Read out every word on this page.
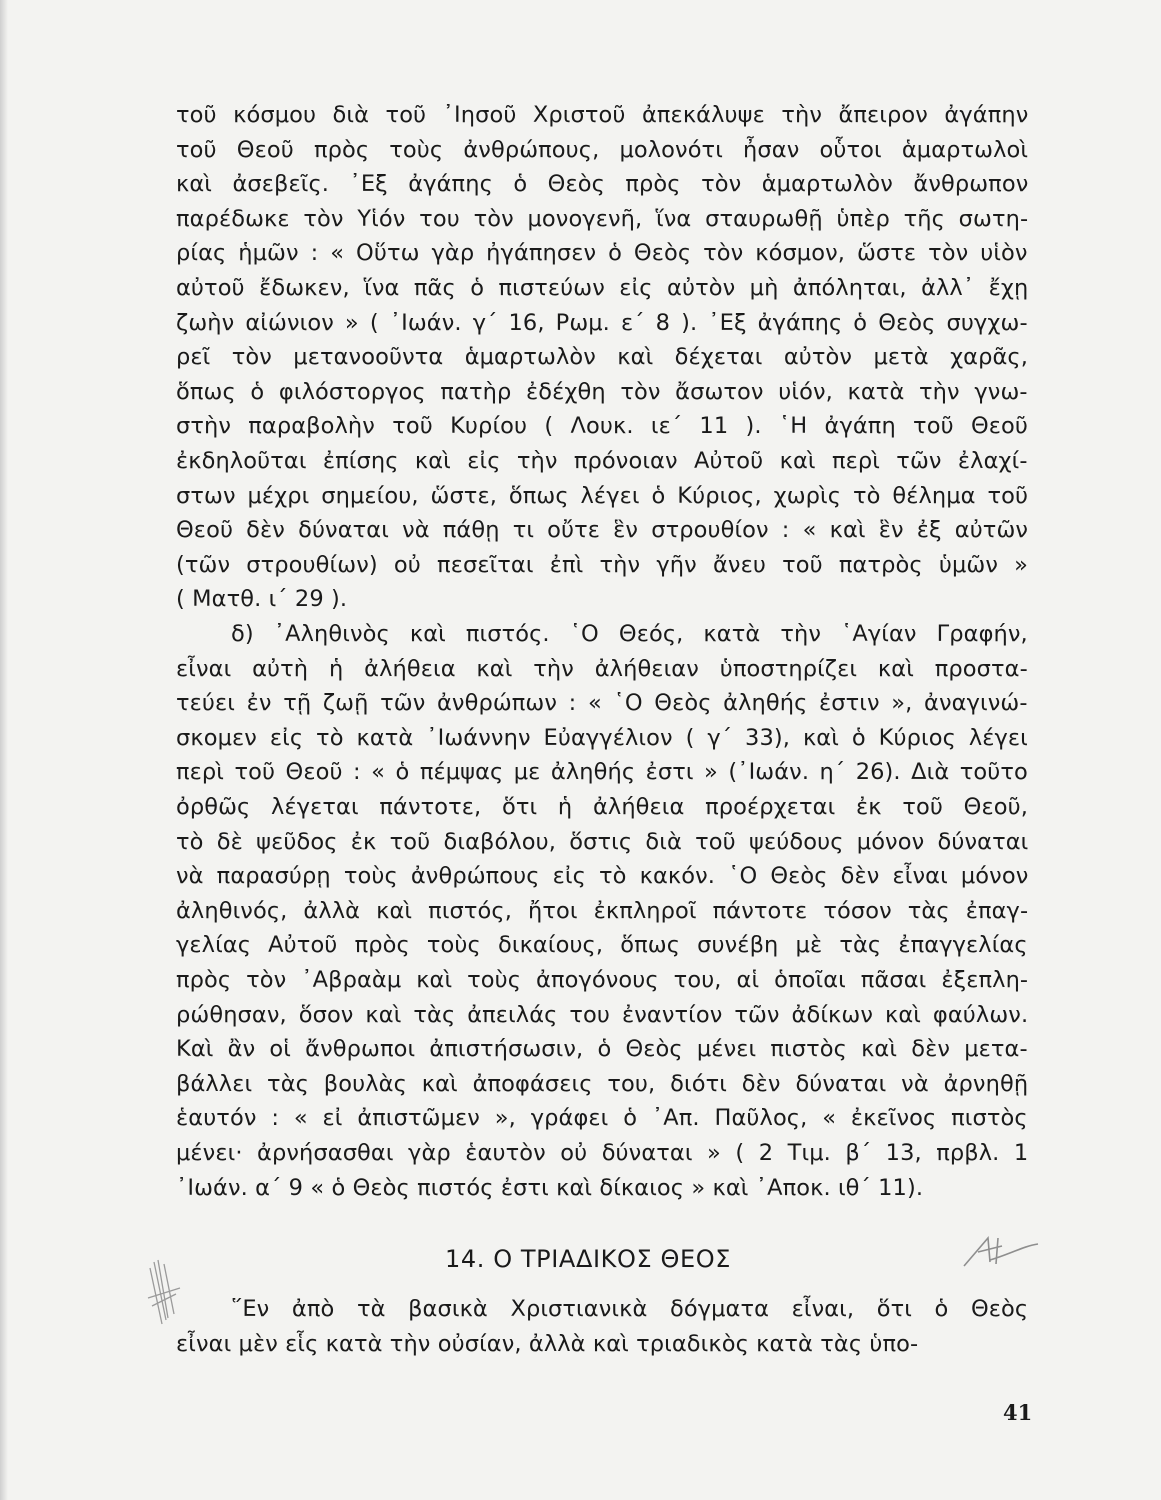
τοῦ κόσμου διὰ τοῦ ᾿Ιησοῦ Χριστοῦ ἀπεκάλυψε τὴν ἄπειρον ἀγάπην
τοῦ Θεοῦ πρὸς τοὺς ἀνθρώπους, μολονότι ἦσαν οὗτοι ἁμαρτωλοὶ
καὶ ἀσεβεῖς. ᾿Εξ ἀγάπης ὁ Θεὸς πρὸς τὸν ἁμαρτωλὸν ἄνθρωπον
παρέδωκε τὸν Υἱόν του τὸν μονογενῆ, ἵνα σταυρωθῇ ὑπὲρ τῆς σωτη-
ρίας ἡμῶν : « Οὕτω γὰρ ἠγάπησεν ὁ Θεὸς τὸν κόσμον, ὥστε τὸν υἱὸν
αὐτοῦ ἔδωκεν, ἵνα πᾶς ὁ πιστεύων εἰς αὐτὸν μὴ ἀπόληται, ἀλλ᾿ ἔχῃ
ζωὴν αἰώνιον » ( ᾿Ιωάν. γ΄ 16, Ρωμ. ε΄ 8 ). ᾿Εξ ἀγάπης ὁ Θεὸς συγχω-
ρεῖ τὸν μετανοοῦντα ἁμαρτωλὸν καὶ δέχεται αὐτὸν μετὰ χαρᾶς,
ὅπως ὁ φιλόστοργος πατὴρ ἐδέχθη τὸν ἄσωτον υἱόν, κατὰ τὴν γνω-
στὴν παραβολὴν τοῦ Κυρίου ( Λουκ. ιε΄ 11 ). ῾Η ἀγάπη τοῦ Θεοῦ
ἐκδηλοῦται ἐπίσης καὶ εἰς τὴν πρόνοιαν Αὐτοῦ καὶ περὶ τῶν ἐλαχί-
στων μέχρι σημείου, ὥστε, ὅπως λέγει ὁ Κύριος, χωρὶς τὸ θέλημα τοῦ
Θεοῦ δὲν δύναται νὰ πάθῃ τι οὔτε ἓν στρουθίον : « καὶ ἓν ἐξ αὐτῶν
(τῶν στρουθίων) οὐ πεσεῖται ἐπὶ τὴν γῆν ἄνευ τοῦ πατρὸς ὑμῶν »
( Ματθ. ι΄ 29 ).
δ) ᾿Αληθινὸς καὶ πιστός. ῾Ο Θεός, κατὰ τὴν ῾Αγίαν Γραφήν,
εἶναι αὐτὴ ἡ ἀλήθεια καὶ τὴν ἀλήθειαν ὑποστηρίζει καὶ προστα-
τεύει ἐν τῇ ζωῇ τῶν ἀνθρώπων : « ῾Ο Θεὸς ἀληθής ἐστιν », ἀναγινώ-
σκομεν εἰς τὸ κατὰ ᾿Ιωάννην Εὐαγγέλιον ( γ΄ 33), καὶ ὁ Κύριος λέγει
περὶ τοῦ Θεοῦ : « ὁ πέμψας με ἀληθής ἐστι » (᾿Ιωάν. η΄ 26). Διὰ τοῦτο
ὀρθῶς λέγεται πάντοτε, ὅτι ἡ ἀλήθεια προέρχεται ἐκ τοῦ Θεοῦ,
τὸ δὲ ψεῦδος ἐκ τοῦ διαβόλου, ὅστις διὰ τοῦ ψεύδους μόνον δύναται
νὰ παρασύρῃ τοὺς ἀνθρώπους εἰς τὸ κακόν. ῾Ο Θεὸς δὲν εἶναι μόνον
ἀληθινός, ἀλλὰ καὶ πιστός, ἤτοι ἐκπληροῖ πάντοτε τόσον τὰς ἐπαγ-
γελίας Αὐτοῦ πρὸς τοὺς δικαίους, ὅπως συνέβη μὲ τὰς ἐπαγγελίας
πρὸς τὸν ᾿Αβραὰμ καὶ τοὺς ἀπογόνους του, αἱ ὁποῖαι πᾶσαι ἐξεπλη-
ρώθησαν, ὅσον καὶ τὰς ἀπειλάς του ἐναντίον τῶν ἀδίκων καὶ φαύλων.
Καὶ ἂν οἱ ἄνθρωποι ἀπιστήσωσιν, ὁ Θεὸς μένει πιστὸς καὶ δὲν μετα-
βάλλει τὰς βουλὰς καὶ ἀποφάσεις του, διότι δὲν δύναται νὰ ἀρνηθῇ
ἑαυτόν : « εἰ ἀπιστῶμεν », γράφει ὁ ᾿Απ. Παῦλος, « ἐκεῖνος πιστὸς
μένει· ἀρνήσασθαι γὰρ ἑαυτὸν οὐ δύναται » ( 2 Τιμ. β΄ 13, πρβλ. 1
᾿Ιωάν. α΄ 9 « ὁ Θεὸς πιστός ἐστι καὶ δίκαιος » καὶ ᾿Αποκ. ιθ΄ 11).
14. Ο ΤΡΙΑΔΙΚΟΣ ΘΕΟΣ
῞Εν ἀπὸ τὰ βασικὰ Χριστιανικὰ δόγματα εἶναι, ὅτι ὁ Θεὸς
εἶναι μὲν εἷς κατὰ τὴν οὐσίαν, ἀλλὰ καὶ τριαδικὸς κατὰ τὰς ὑπο-
41
